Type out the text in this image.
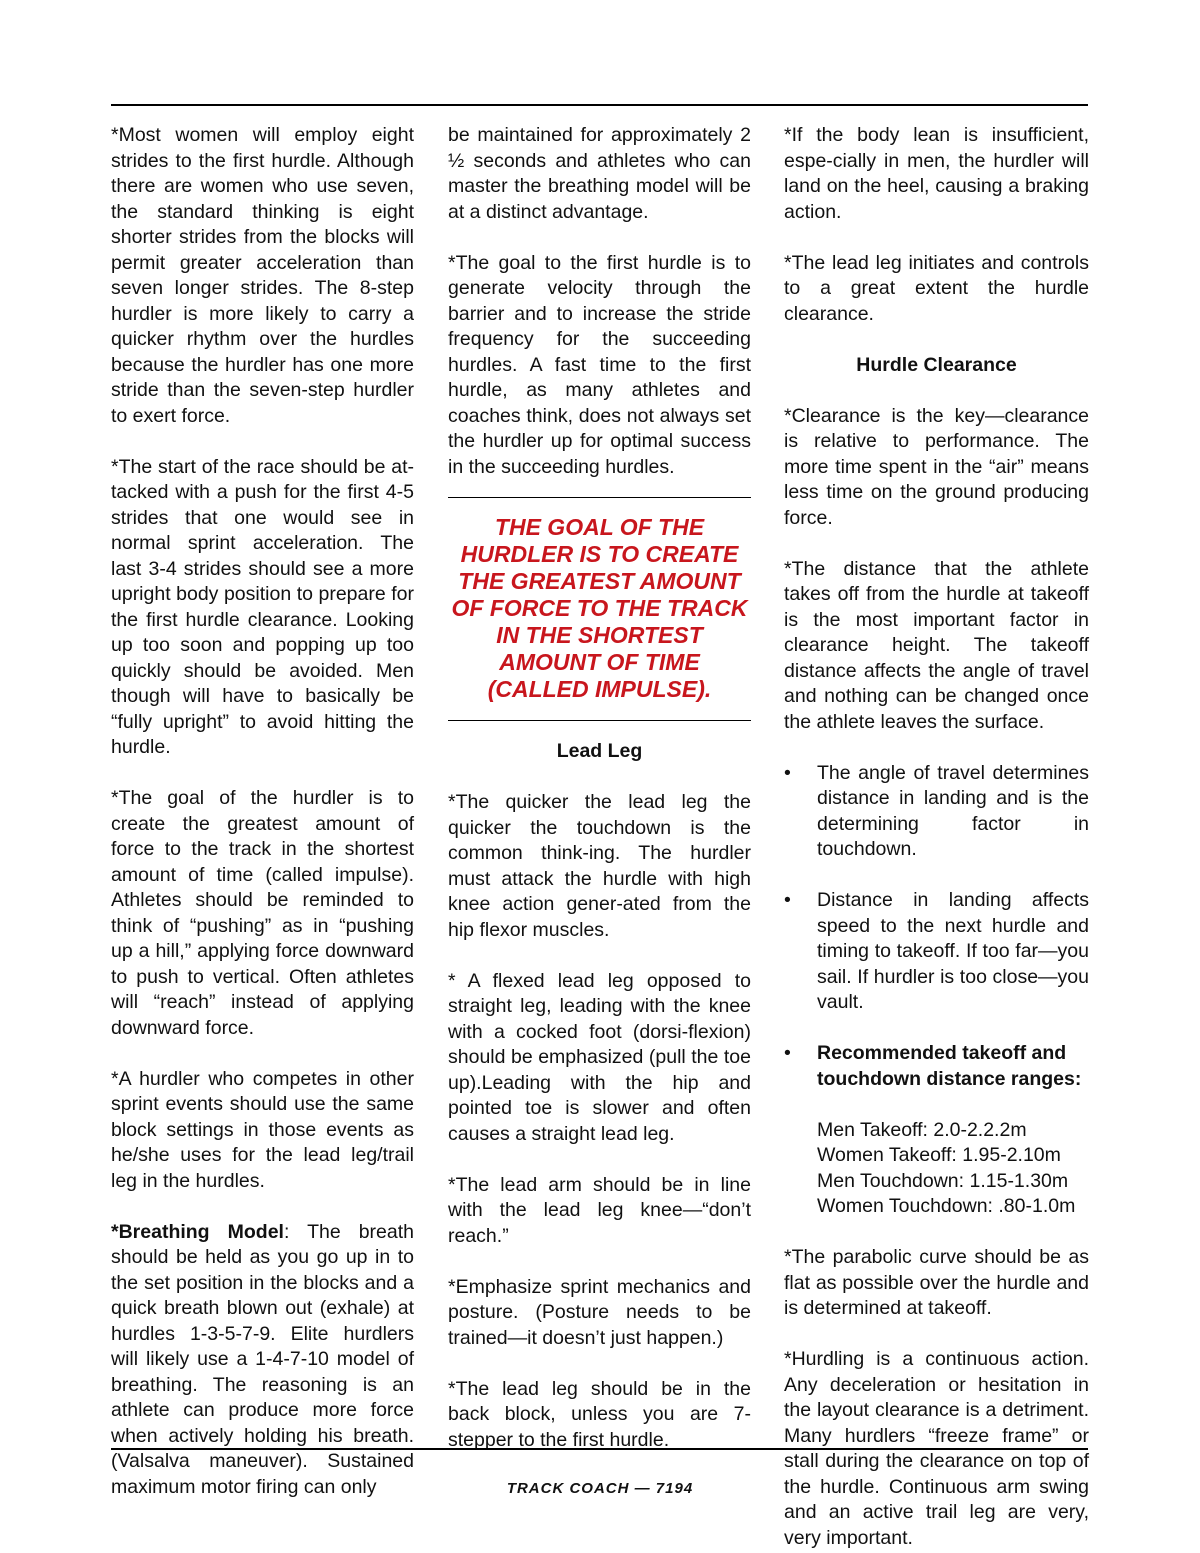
*Most women will employ eight strides to the first hurdle. Although there are women who use seven, the standard thinking is eight shorter strides from the blocks will permit greater acceleration than seven longer strides. The 8-step hurdler is more likely to carry a quicker rhythm over the hurdles because the hurdler has one more stride than the seven-step hurdler to exert force.

*The start of the race should be at-tacked with a push for the first 4-5 strides that one would see in normal sprint acceleration. The last 3-4 strides should see a more upright body position to prepare for the first hurdle clearance. Looking up too soon and popping up too quickly should be avoided. Men though will have to basically be “fully upright” to avoid hitting the hurdle.

*The goal of the hurdler is to create the greatest amount of force to the track in the shortest amount of time (called impulse). Athletes should be reminded to think of “pushing” as in “pushing up a hill,” applying force downward to push to vertical. Often athletes will “reach” instead of applying downward force.

*A hurdler who competes in other sprint events should use the same block settings in those events as he/she uses for the lead leg/trail leg in the hurdles.

*Breathing Model: The breath should be held as you go up in to the set position in the blocks and a quick breath blown out (exhale) at hurdles 1-3-5-7-9. Elite hurdlers will likely use a 1-4-7-10 model of breathing. The reasoning is an athlete can produce more force when actively holding his breath. (Valsalva maneuver). Sustained maximum motor firing can only

be maintained for approximately 2 ½ seconds and athletes who can master the breathing model will be at a distinct advantage.

*The goal to the first hurdle is to generate velocity through the barrier and to increase the stride frequency for the succeeding hurdles. A fast time to the first hurdle, as many athletes and coaches think, does not always set the hurdler up for optimal success in the succeeding hurdles.

THE GOAL OF THE HURDLER IS TO CREATE THE GREATEST AMOUNT OF FORCE TO THE TRACK IN THE SHORTEST AMOUNT OF TIME (CALLED IMPULSE).
Lead Leg

*The quicker the lead leg the quicker the touchdown is the common think-ing. The hurdler must attack the hurdle with high knee action gener-ated from the hip flexor muscles.

* A flexed lead leg opposed to straight leg, leading with the knee with a cocked foot (dorsi-flexion) should be emphasized (pull the toe up).Leading with the hip and pointed toe is slower and often causes a straight lead leg.

*The lead arm should be in line with the lead leg knee—“don’t reach.”

*Emphasize sprint mechanics and posture. (Posture needs to be trained—it doesn’t just happen.)

*The lead leg should be in the back block, unless you are 7-stepper to the first hurdle.

*If the body lean is insufficient, espe-cially in men, the hurdler will land on the heel, causing a braking action.

*The lead leg initiates and controls to a great extent the hurdle clearance.

Hurdle Clearance

*Clearance is the key—clearance is relative to performance. The more time spent in the “air” means less time on the ground producing force.

*The distance that the athlete takes off from the hurdle at takeoff is the most important factor in clearance height. The takeoff distance affects the angle of travel and nothing can be changed once the athlete leaves the surface.

• The angle of travel determines distance in landing and is the determining factor in touchdown.
• Distance in landing affects speed to the next hurdle and timing to takeoff. If too far—you sail. If hurdler is too close—you vault.
• Recommended takeoff and touchdown distance ranges:
Men Takeoff: 2.0-2.2.2m
Women Takeoff: 1.95-2.10m
Men Touchdown: 1.15-1.30m
Women Touchdown: .80-1.0m

*The parabolic curve should be as flat as possible over the hurdle and is determined at takeoff.

*Hurdling is a continuous action. Any deceleration or hesitation in the layout clearance is a detriment. Many hurdlers “freeze frame” or stall during the clearance on top of the hurdle. Continuous arm swing and an active trail leg are very, very important.

TRACK COACH — 7194
